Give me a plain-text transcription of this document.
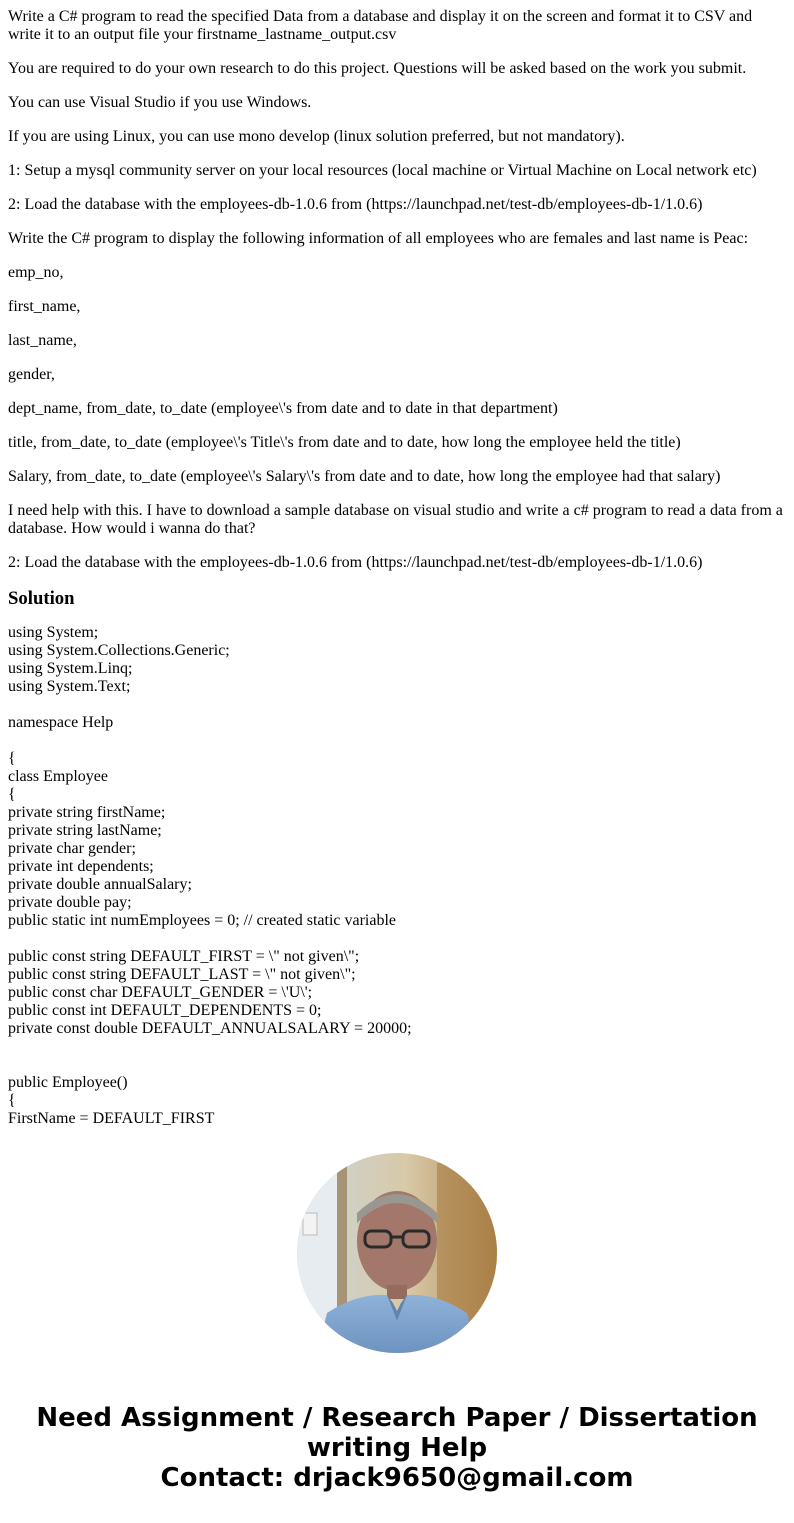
Write a C# program to read the specified Data from a database and display it on the screen and format it to CSV and write it to an output file your firstname_lastname_output.csv
You are required to do your own research to do this project. Questions will be asked based on the work you submit.
You can use Visual Studio if you use Windows.
If you are using Linux, you can use mono develop (linux solution preferred, but not mandatory).
1: Setup a mysql community server on your local resources (local machine or Virtual Machine on Local network etc)
2: Load the database with the employees-db-1.0.6 from (https://launchpad.net/test-db/employees-db-1/1.0.6)
Write the C# program to display the following information of all employees who are females and last name is Peac:
emp_no,
first_name,
last_name,
gender,
dept_name, from_date, to_date (employee\'s from date and to date in that department)
title, from_date, to_date (employee\'s Title\'s from date and to date, how long the employee held the title)
Salary, from_date, to_date (employee\'s Salary\'s from date and to date, how long the employee had that salary)
I need help with this. I have to download a sample database on visual studio and write a c# program to read a data from a database. How would i wanna do that?
2: Load the database with the employees-db-1.0.6 from (https://launchpad.net/test-db/employees-db-1/1.0.6)
Solution
using System;
using System.Collections.Generic;
using System.Linq;
using System.Text;
namespace Help
{
class Employee
{
private string firstName;
private string lastName;
private char gender;
private int dependents;
private double annualSalary;
private double pay;
public static int numEmployees = 0; // created static variable
public const string DEFAULT_FIRST = \" not given\";
public const string DEFAULT_LAST = \" not given\";
public const char DEFAULT_GENDER = \'U\';
public const int DEFAULT_DEPENDENTS = 0;
private const double DEFAULT_ANNUALSALARY = 20000;
public Employee()
{
FirstName = DEFAULT_FIRST
Need Assignment / Research Paper / Dissertation
writing Help
Contact: drjack9650@gmail.com
